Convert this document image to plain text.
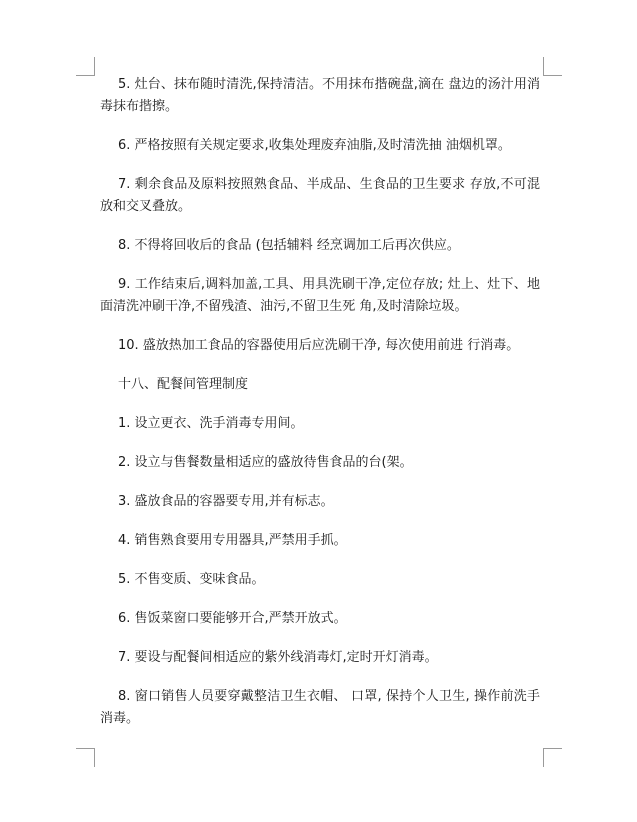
5. 灶台、抹布随时清洗,保持清洁。不用抹布揩碗盘,滴在 盘边的汤汁用消毒抹布揩擦。

6. 严格按照有关规定要求,收集处理废弃油脂,及时清洗抽 油烟机罩。

7. 剩余食品及原料按照熟食品、半成品、生食品的卫生要求 存放,不可混放和交叉叠放。

8. 不得将回收后的食品 (包括辅料 经烹调加工后再次供应。

9. 工作结束后,调料加盖,工具、用具洗刷干净,定位存放; 灶上、灶下、地面清洗冲刷干净,不留残渣、油污,不留卫生死 角,及时清除垃圾。

10. 盛放热加工食品的容器使用后应洗刷干净, 每次使用前进 行消毒。

十八、配餐间管理制度

1. 设立更衣、洗手消毒专用间。

2. 设立与售餐数量相适应的盛放待售食品的台(架。

3. 盛放食品的容器要专用,并有标志。

4. 销售熟食要用专用器具,严禁用手抓。

5. 不售变质、变味食品。

6. 售饭菜窗口要能够开合,严禁开放式。

7. 要设与配餐间相适应的紫外线消毒灯,定时开灯消毒。

8. 窗口销售人员要穿戴整洁卫生衣帽、 口罩, 保持个人卫生, 操作前洗手消毒。
